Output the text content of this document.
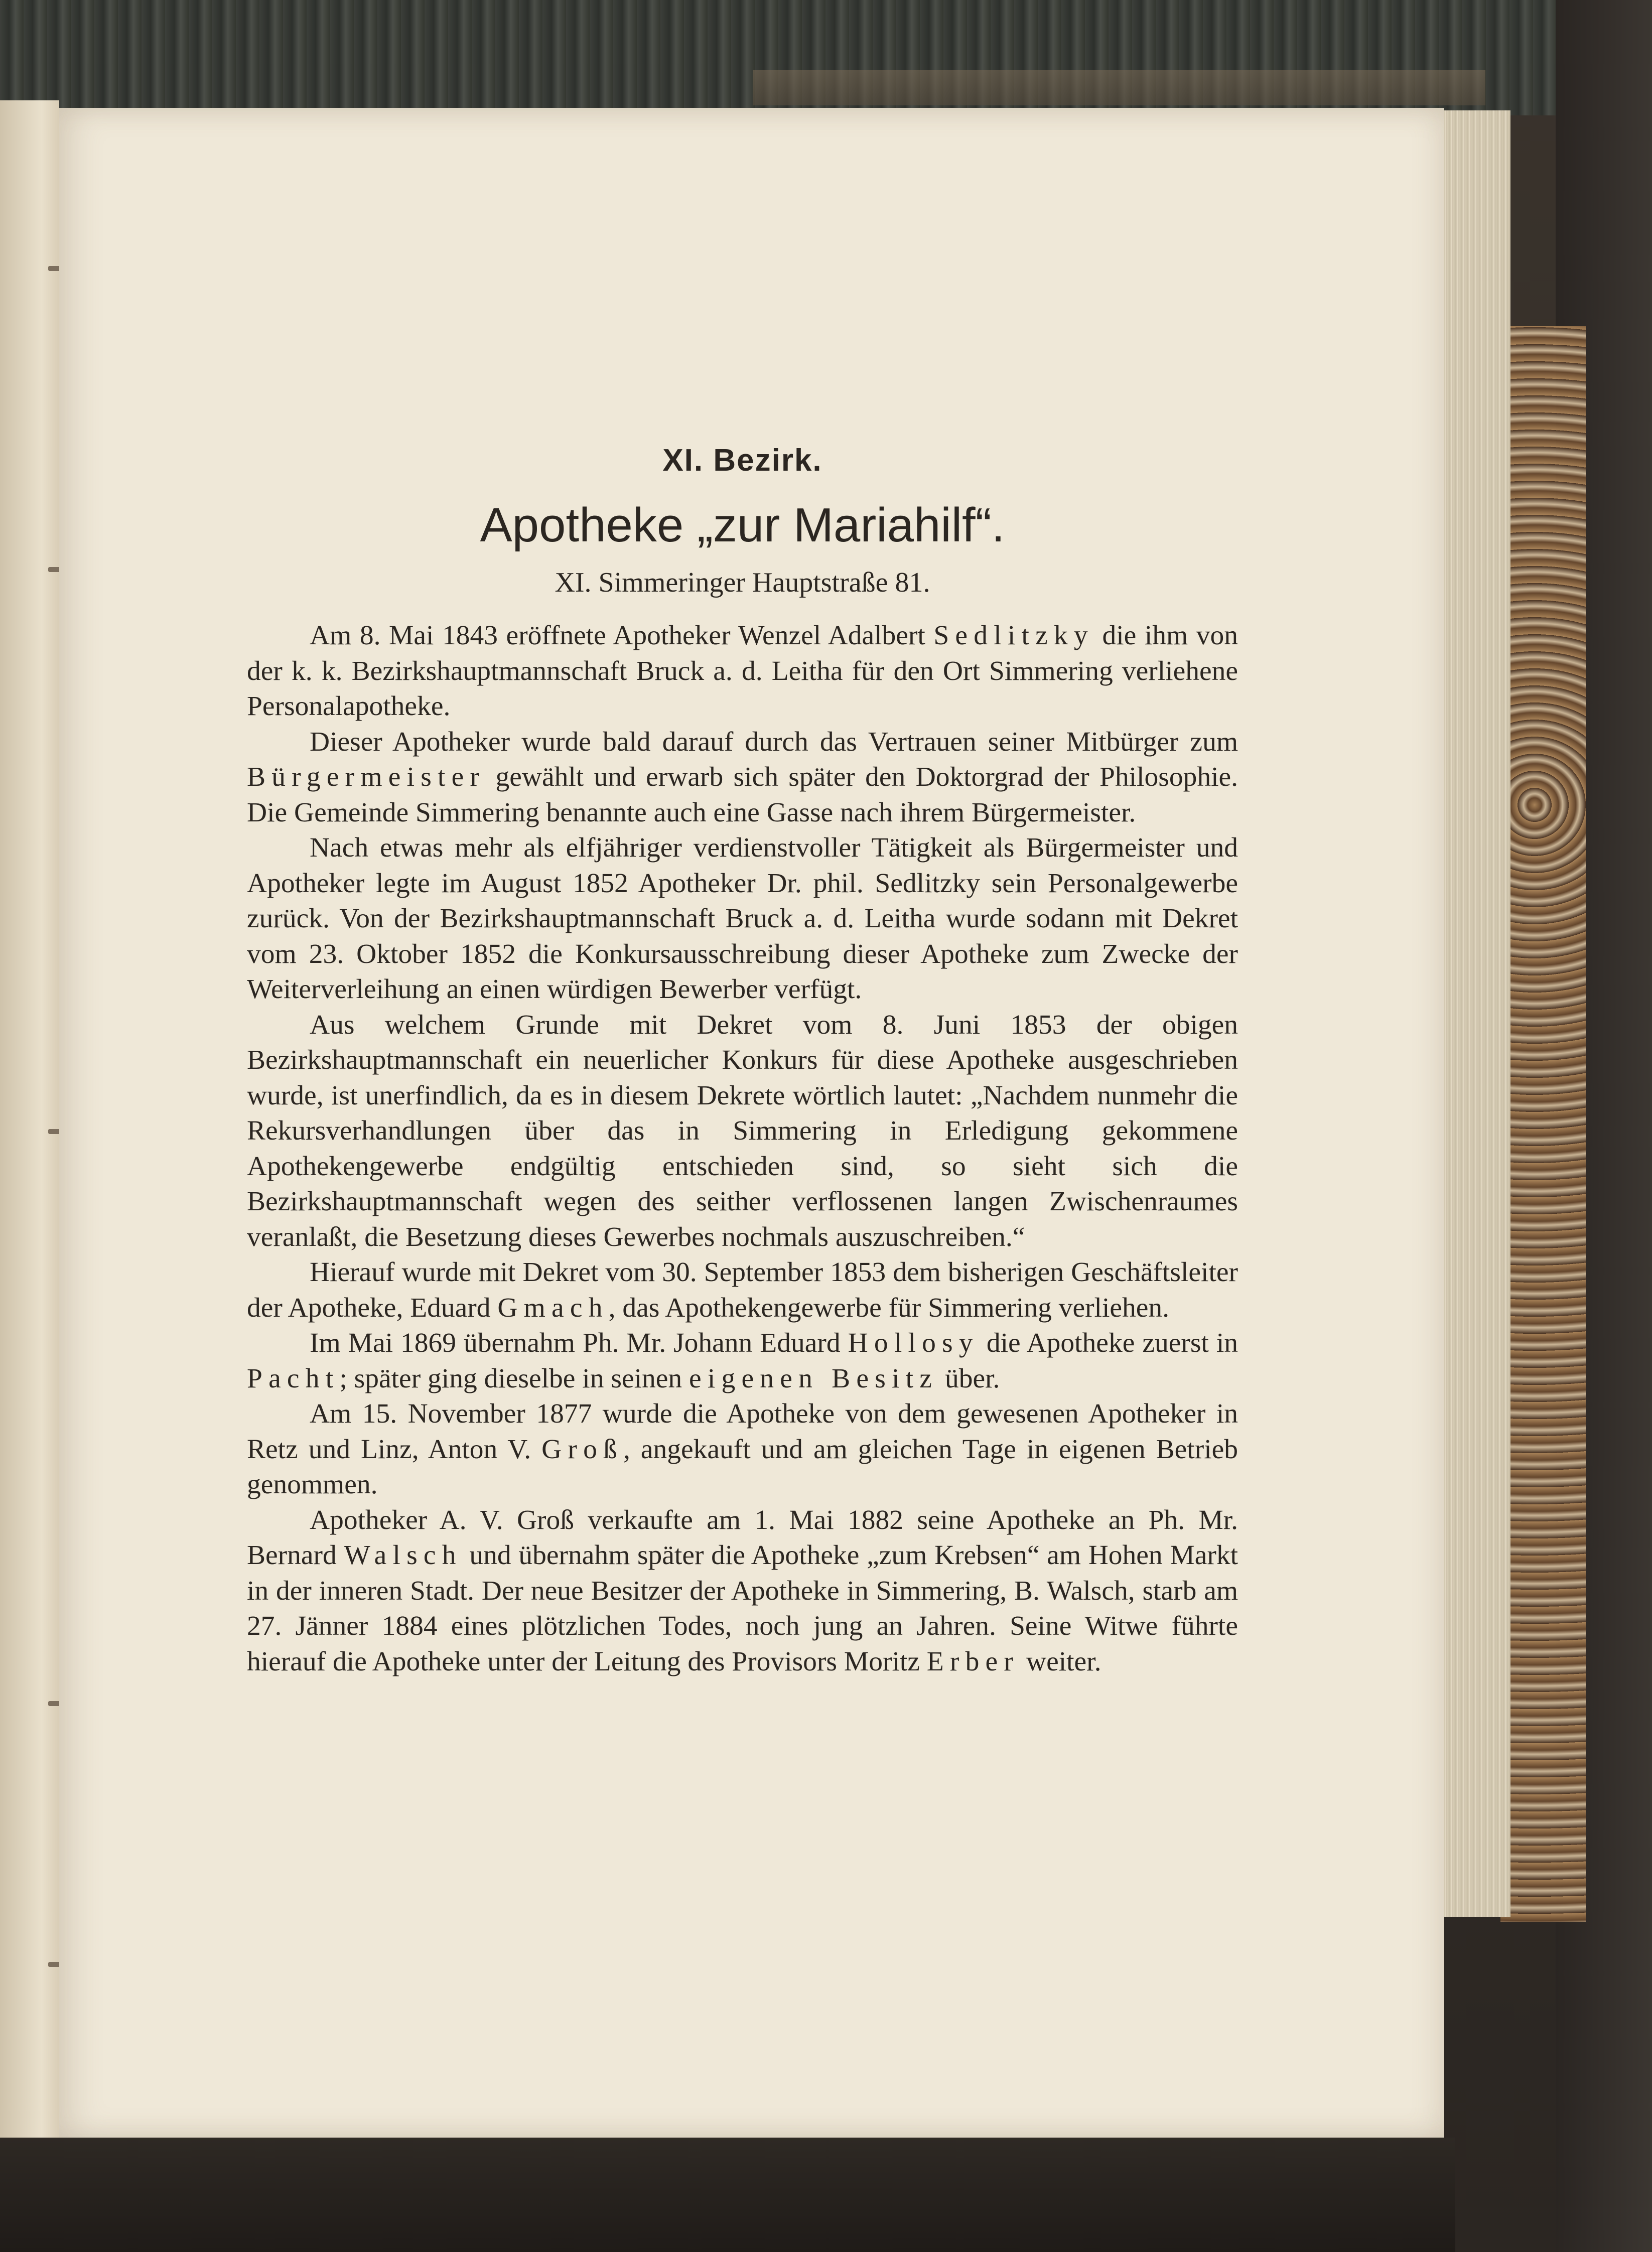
XI. Bezirk.
Apotheke „zur Mariahilf“.
XI. Simmeringer Hauptstraße 81.

Am 8. Mai 1843 eröffnete Apotheker Wenzel Adalbert Sedlitzky die ihm von der k. k. Bezirkshauptmannschaft Bruck a. d. Leitha für den Ort Simmering verliehene Personalapotheke.

Dieser Apotheker wurde bald darauf durch das Vertrauen seiner Mitbürger zum Bürgermeister gewählt und erwarb sich später den Doktorgrad der Philosophie. Die Gemeinde Simmering benannte auch eine Gasse nach ihrem Bürgermeister.

Nach etwas mehr als elfjähriger verdienstvoller Tätigkeit als Bürgermeister und Apotheker legte im August 1852 Apotheker Dr. phil. Sedlitzky sein Personalgewerbe zurück. Von der Bezirkshauptmannschaft Bruck a. d. Leitha wurde sodann mit Dekret vom 23. Oktober 1852 die Konkursausschreibung dieser Apotheke zum Zwecke der Weiterverleihung an einen würdigen Bewerber verfügt.

Aus welchem Grunde mit Dekret vom 8. Juni 1853 der obigen Bezirkshauptmannschaft ein neuerlicher Konkurs für diese Apotheke ausgeschrieben wurde, ist unerfindlich, da es in diesem Dekrete wörtlich lautet: „Nachdem nunmehr die Rekursverhandlungen über das in Simmering in Erledigung gekommene Apothekengewerbe endgültig entschieden sind, so sieht sich die Bezirkshauptmannschaft wegen des seither verflossenen langen Zwischenraumes veranlaßt, die Besetzung dieses Gewerbes nochmals auszuschreiben.“

Hierauf wurde mit Dekret vom 30. September 1853 dem bisherigen Geschäftsleiter der Apotheke, Eduard Gmach, das Apothekengewerbe für Simmering verliehen.

Im Mai 1869 übernahm Ph. Mr. Johann Eduard Hollosy die Apotheke zuerst in Pacht; später ging dieselbe in seinen eigenen Besitz über.

Am 15. November 1877 wurde die Apotheke von dem gewesenen Apotheker in Retz und Linz, Anton V. Groß, angekauft und am gleichen Tage in eigenen Betrieb genommen.

Apotheker A. V. Groß verkaufte am 1. Mai 1882 seine Apotheke an Ph. Mr. Bernard Walsch und übernahm später die Apotheke „zum Krebsen“ am Hohen Markt in der inneren Stadt. Der neue Besitzer der Apotheke in Simmering, B. Walsch, starb am 27. Jänner 1884 eines plötzlichen Todes, noch jung an Jahren. Seine Witwe führte hierauf die Apotheke unter der Leitung des Provisors Moritz Erber weiter.
